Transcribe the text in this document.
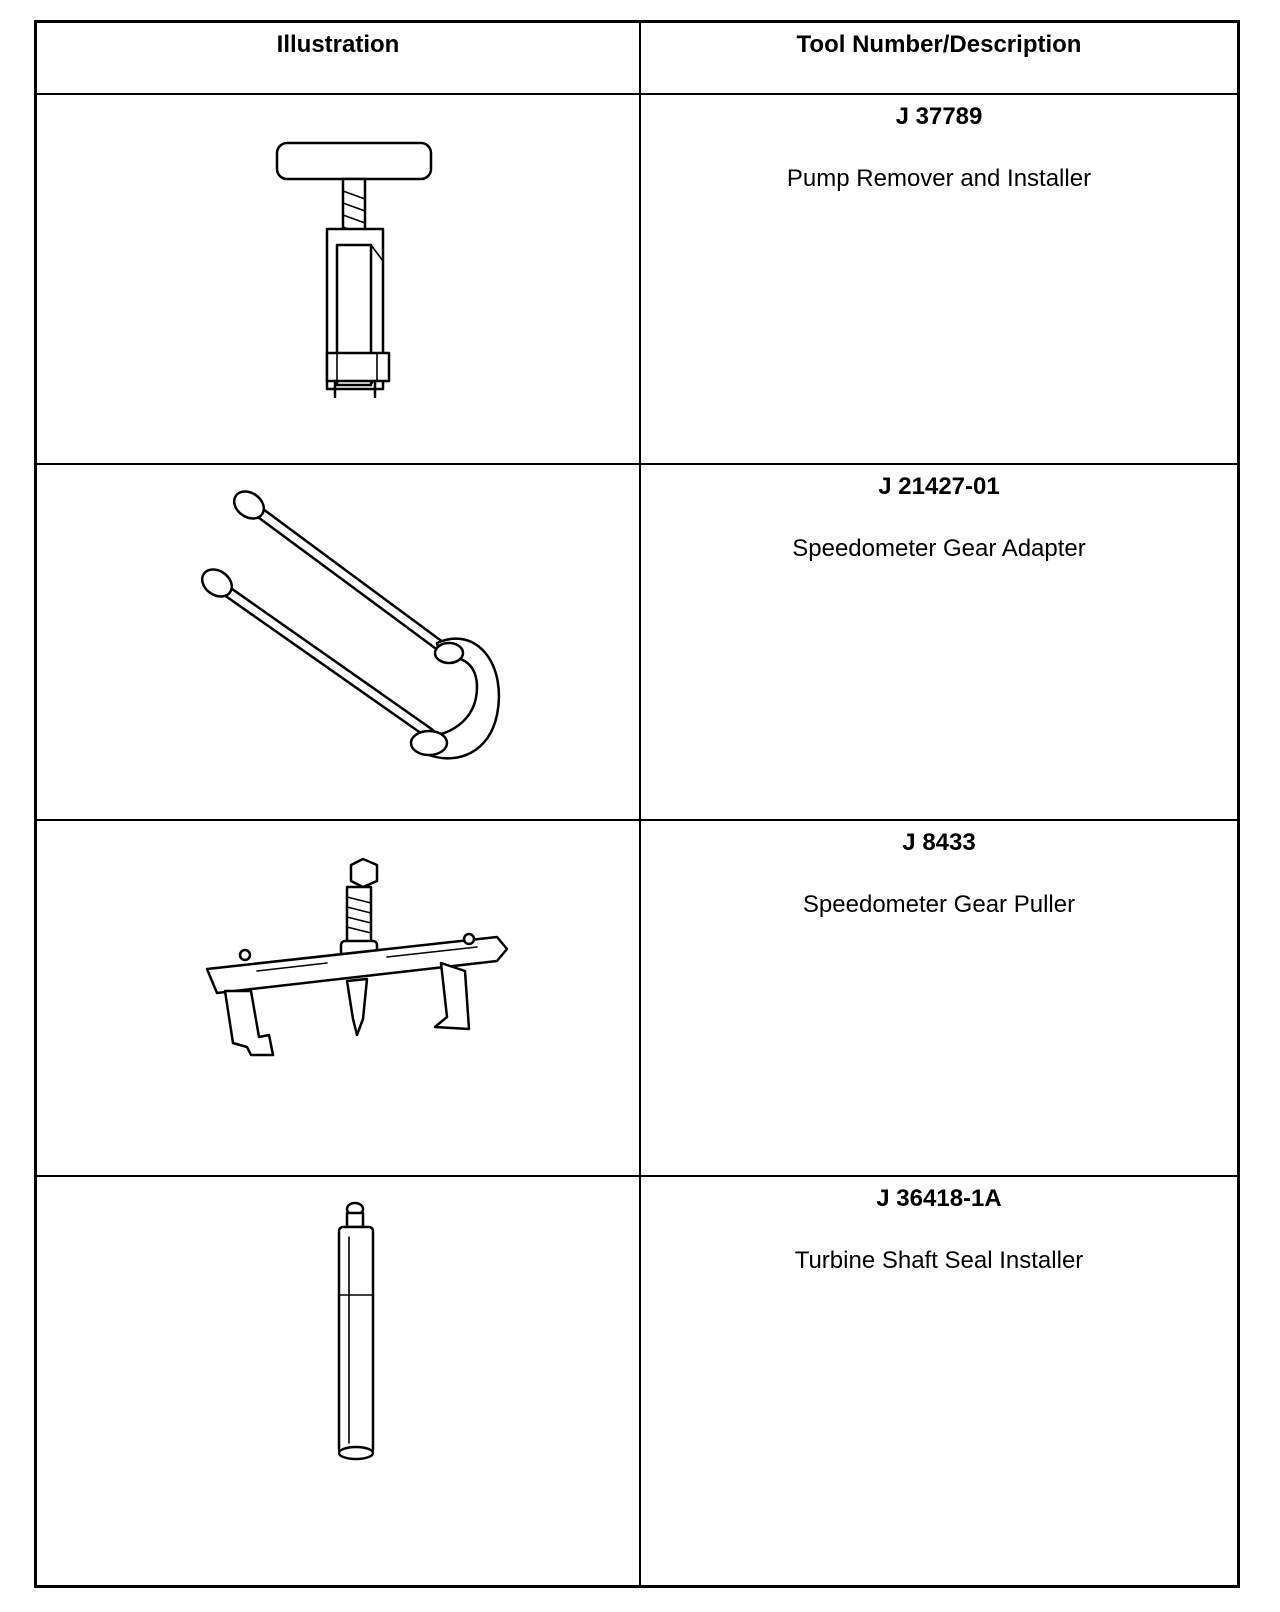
Illustration	Tool Number/Description
J 37789
Pump Remover and Installer
J 21427-01
Speedometer Gear Adapter
J 8433
Speedometer Gear Puller
J 36418-1A
Turbine Shaft Seal Installer
